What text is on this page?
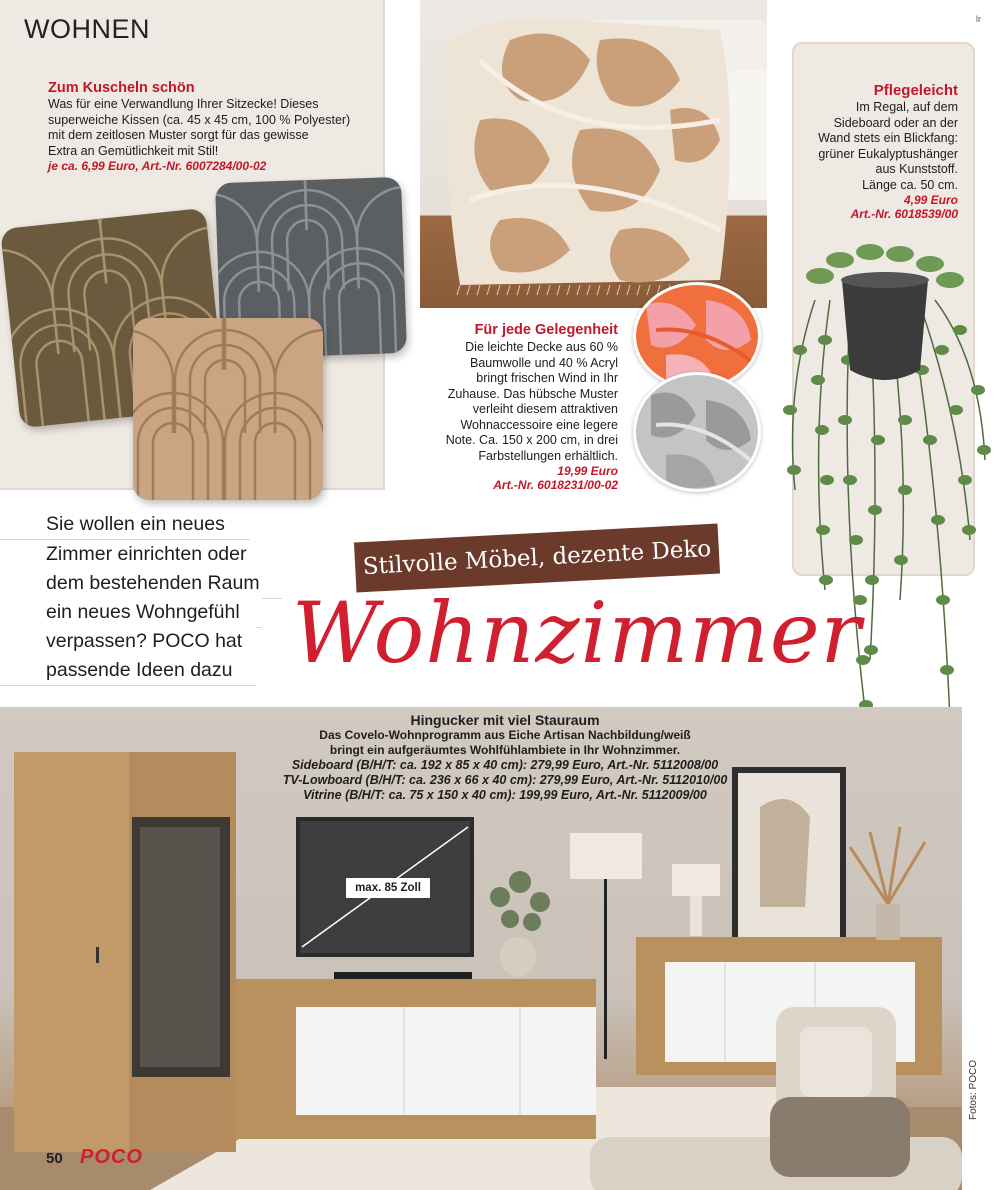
WOHNEN
Zum Kuscheln schön
Was für eine Verwandlung Ihrer Sitzecke! Dieses
superweiche Kissen (ca. 45 x 45 cm, 100 % Polyester)
mit dem zeitlosen Muster sorgt für das gewisse
Extra an Gemütlichkeit mit Stil!
je ca. 6,99 Euro, Art.-Nr. 6007284/00-02
Für jede Gelegenheit
Die leichte Decke aus 60 %
Baumwolle und 40 % Acryl
bringt frischen Wind in Ihr
Zuhause. Das hübsche Muster
verleiht diesem attraktiven
Wohnaccessoire eine legere
Note. Ca. 150 x 200 cm, in drei
Farbstellungen erhältlich.
19,99 Euro
Art.-Nr. 6018231/00-02
Pflegeleicht
Im Regal, auf dem
Sideboard oder an der
Wand stets ein Blickfang:
grüner Eukalyptushänger
aus Kunststoff.
Länge ca. 50 cm.
4,99 Euro
Art.-Nr. 6018539/00
Sie wollen ein neues
Zimmer einrichten oder
dem bestehenden Raum
ein neues Wohngefühl
verpassen? POCO hat
passende Ideen dazu
Stilvolle Möbel, dezente Deko
Wohnzimmer
max. 85 Zoll
Hingucker mit viel Stauraum
Das Covelo-Wohnprogramm aus Eiche Artisan Nachbildung/weiß
bringt ein aufgeräumtes Wohlfühlambiete in Ihr Wohnzimmer.
Sideboard (B/H/T: ca. 192 x 85 x 40 cm): 279,99 Euro, Art.-Nr. 5112008/00
TV-Lowboard (B/H/T: ca. 236 x 66 x 40 cm): 279,99 Euro, Art.-Nr. 5112010/00
Vitrine (B/H/T: ca. 75 x 150 x 40 cm): 199,99 Euro, Art.-Nr. 5112009/00
50 POCO
Fotos: POCO
lr
